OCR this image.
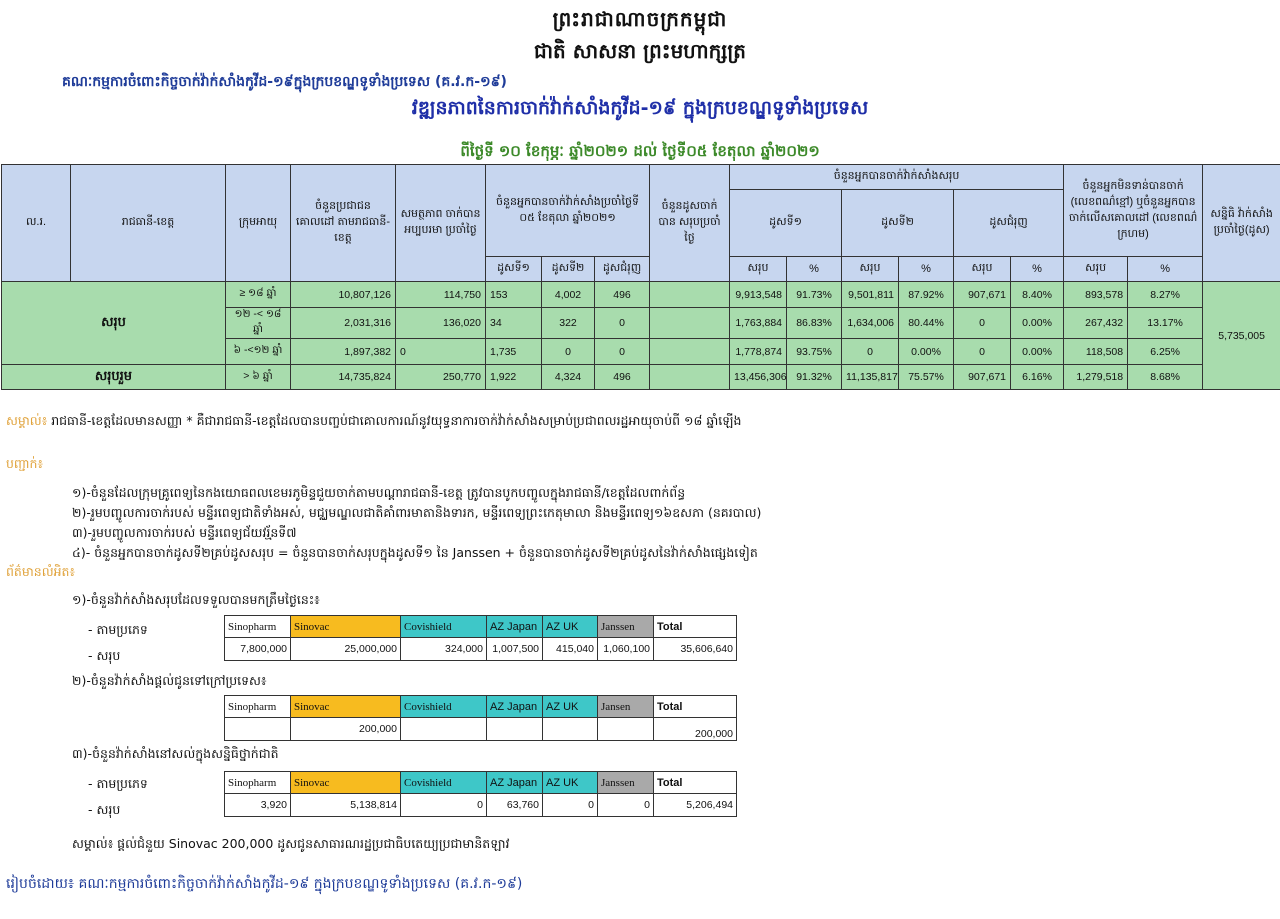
ព្រះរាជាណាចក្រកម្ពុជា
ជាតិ សាសនា ព្រះមហាក្សត្រ
គណៈកម្មការចំពោះកិច្ចចាក់វ៉ាក់សាំងកូវីដ-១៩ក្នុងក្របខណ្ឌទូទាំងប្រទេស (គ.វ.ក-១៩)
វឌ្ឍនភាពនៃការចាក់វ៉ាក់សាំងកូវីដ-១៩ ក្នុងក្របខណ្ឌទូទាំងប្រទេស
ពីថ្ងៃទី ១០ ខែកុម្ភៈ ឆ្នាំ២០២១ ដល់ ថ្ងៃទី០៥ ខែតុលា ឆ្នាំ២០២១
ល.រ.	រាជធានី-ខេត្ត	ក្រុមអាយុ	ចំនួនប្រជាជន គោលដៅ តាមរាជធានី-ខេត្ត	សមត្ថភាព ចាក់បាន អប្បបរមា ប្រចាំថ្ងៃ	ចំនួនអ្នកបានចាក់វ៉ាក់សាំងប្រចាំថ្ងៃទី ០៥ ខែតុលា ឆ្នាំ២០២១			ចំនួនដូសចាក់បាន សរុបប្រចាំថ្ងៃ	ចំនួនអ្នកបានចាក់វ៉ាក់សាំងសរុប						ចំនួនអ្នកមិនទាន់បានចាក់ (លេខពណ៌ខ្មៅ) ឬចំនួនអ្នកបានចាក់លើសគោលដៅ (លេខពណ៌ក្រហម)		សន្និធិ វ៉ាក់សាំងប្រចាំថ្ងៃ(ដូស)
									ដូសទី១		ដូសទី២		ដូសជំរុញ				
					ដូសទី១	ដូសទី២	ដូសជំរុញ		សរុប	%	សរុប	%	សរុប	%	សរុប	%	
សរុប		≥ ១៨ ឆ្នាំ	10,807,126	114,750	153	4,002	496		9,913,548	91.73%	9,501,811	87.92%	907,671	8.40%	893,578	8.27%	5,735,005
		១២ -< ១៨ ឆ្នាំ	2,031,316	136,020	34	322	0		1,763,884	86.83%	1,634,006	80.44%	0	0.00%	267,432	13.17%	
		៦ -<១២ ឆ្នាំ	1,897,382	0	1,735	0	0		1,778,874	93.75%	0	0.00%	0	0.00%	118,508	6.25%	
សរុបរួម		> ៦ ឆ្នាំ	14,735,824	250,770	1,922	4,324	496		13,456,306	91.32%	11,135,817	75.57%	907,671	6.16%	1,279,518	8.68%	
សម្គាល់៖ រាជធានី-ខេត្តដែលមានសញ្ញា * គឺជារាជធានី-ខេត្តដែលបានបញ្ចប់ជាគោលការណ៍នូវយុទ្ធនាការចាក់វ៉ាក់សាំងសម្រាប់ប្រជាពលរដ្ឋអាយុចាប់ពី ១៨ ឆ្នាំឡើង
បញ្ជាក់៖
១)-ចំនួនដែលក្រុមគ្រូពេទ្យនៃកងយោធពលខេមរភូមិន្ទជួយចាក់តាមបណ្តារាជធានី-ខេត្ត ត្រូវបានបូកបញ្ចូលក្នុងរាជធានី/ខេត្តដែលពាក់ព័ន្ធ
២)-រួមបញ្ចូលការចាក់របស់ មន្ទីរពេទ្យជាតិទាំងអស់, មជ្ឈមណ្ឌលជាតិគាំពារមាតានិងទារក, មន្ទីរពេទ្យព្រះកេតុមាលា និងមន្ទីរពេទ្យ១៦ឧសភា (នគរបាល)
៣)-រួមបញ្ចូលការចាក់របស់ មន្ទីរពេទ្យជ័យវរ្ម័នទី៧
៤)- ចំនួនអ្នកបានចាក់ដូសទី២គ្រប់ដូសសរុប = ចំនួនបានចាក់សរុបក្នុងដូសទី១ នៃ Janssen + ចំនួនបានចាក់ដូសទី២គ្រប់ដូសនៃវ៉ាក់សាំងផ្សេងទៀត
ព័ត៌មានលំអិត៖
១)-ចំនួនវ៉ាក់សាំងសរុបដែលទទួលបានមកត្រឹមថ្ងៃនេះ៖
- តាមប្រភេទ
- សរុប
Sinopharm	Sinovac	Covishield	AZ Japan	AZ UK	Janssen	Total
7,800,000	25,000,000	324,000	1,007,500	415,040	1,060,100	35,606,640
២)-ចំនួនវ៉ាក់សាំងផ្តល់ជូនទៅក្រៅប្រទេស៖
Sinopharm	Sinovac	Covishield	AZ Japan	AZ UK	Jansen	Total
	200,000					200,000
៣)-ចំនួនវ៉ាក់សាំងនៅសល់ក្នុងសន្និធិថ្នាក់ជាតិ
- តាមប្រភេទ
- សរុប
Sinopharm	Sinovac	Covishield	AZ Japan	AZ UK	Janssen	Total
3,920	5,138,814	0	63,760	0	0	5,206,494
សម្គាល់៖ ផ្តល់ជំនួយ Sinovac 200,000 ដូសជូនសាធារណរដ្ឋប្រជាធិបតេយ្យប្រជាមានិតឡាវ
រៀបចំដោយ៖ គណៈកម្មការចំពោះកិច្ចចាក់វ៉ាក់សាំងកូវីដ-១៩ ក្នុងក្របខណ្ឌទូទាំងប្រទេស (គ.វ.ក-១៩)
